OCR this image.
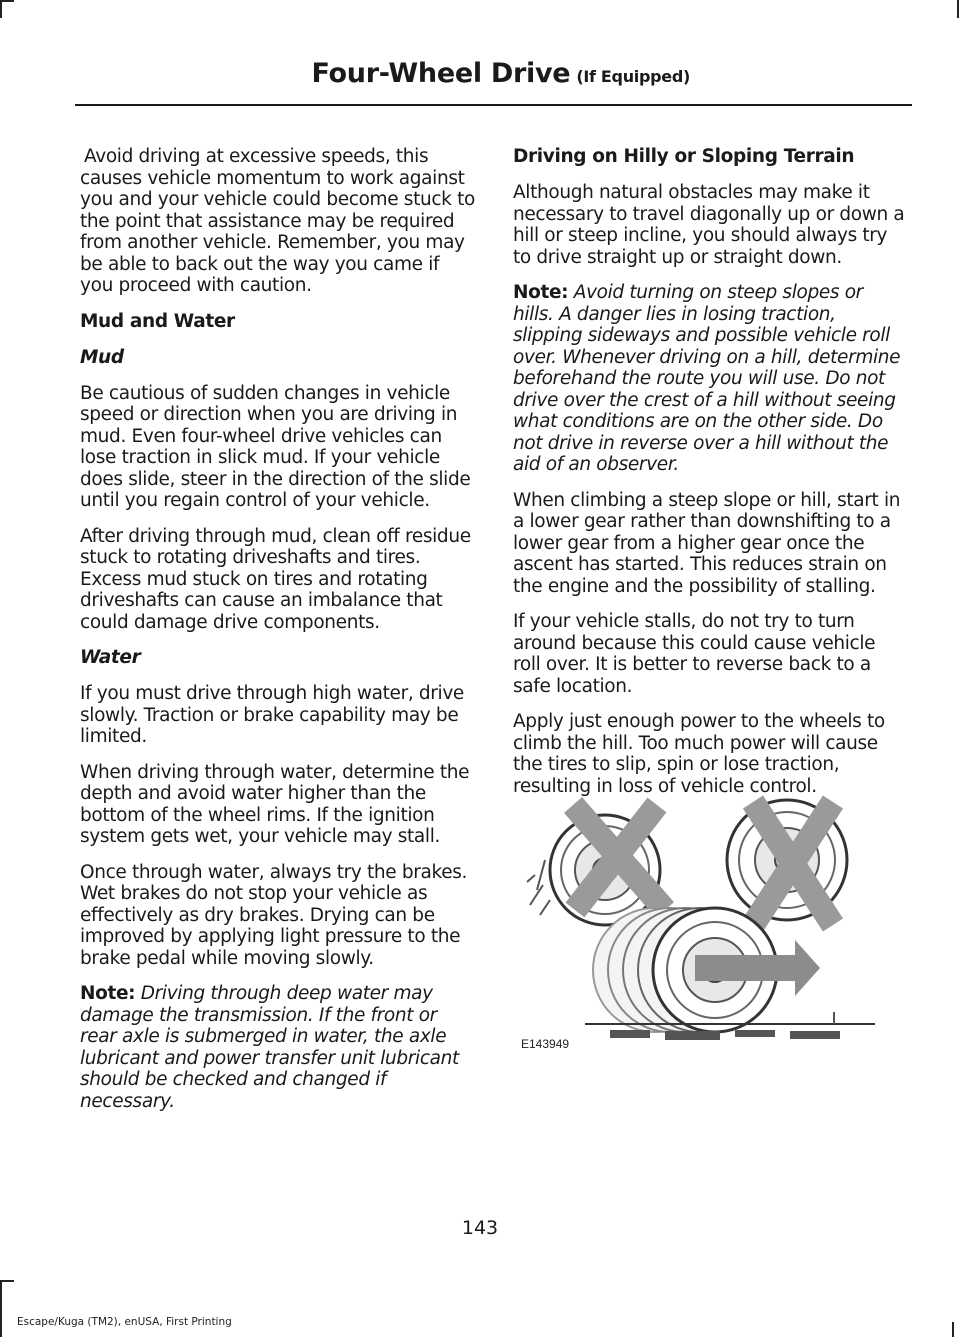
Four-Wheel Drive (If Equipped)

Avoid driving at excessive speeds, this causes vehicle momentum to work against you and your vehicle could become stuck to the point that assistance may be required from another vehicle. Remember, you may be able to back out the way you came if you proceed with caution.

Mud and Water
Mud

Be cautious of sudden changes in vehicle speed or direction when you are driving in mud. Even four-wheel drive vehicles can lose traction in slick mud. If your vehicle does slide, steer in the direction of the slide until you regain control of your vehicle.

After driving through mud, clean off residue stuck to rotating driveshafts and tires. Excess mud stuck on tires and rotating driveshafts can cause an imbalance that could damage drive components.

Water

If you must drive through high water, drive slowly. Traction or brake capability may be limited.

When driving through water, determine the depth and avoid water higher than the bottom of the wheel rims. If the ignition system gets wet, your vehicle may stall.

Once through water, always try the brakes. Wet brakes do not stop your vehicle as effectively as dry brakes. Drying can be improved by applying light pressure to the brake pedal while moving slowly.

Note: Driving through deep water may damage the transmission. If the front or rear axle is submerged in water, the axle lubricant and power transfer unit lubricant should be checked and changed if necessary.

Driving on Hilly or Sloping Terrain

Although natural obstacles may make it necessary to travel diagonally up or down a hill or steep incline, you should always try to drive straight up or straight down.

Note: Avoid turning on steep slopes or hills. A danger lies in losing traction, slipping sideways and possible vehicle roll over. Whenever driving on a hill, determine beforehand the route you will use. Do not drive over the crest of a hill without seeing what conditions are on the other side. Do not drive in reverse over a hill without the aid of an observer.

When climbing a steep slope or hill, start in a lower gear rather than downshifting to a lower gear from a higher gear once the ascent has started. This reduces strain on the engine and the possibility of stalling.

If your vehicle stalls, do not try to turn around because this could cause vehicle roll over. It is better to reverse back to a safe location.

Apply just enough power to the wheels to climb the hill. Too much power will cause the tires to slip, spin or lose traction, resulting in loss of vehicle control.

E143949
143
Escape/Kuga (TM2), enUSA, First Printing
